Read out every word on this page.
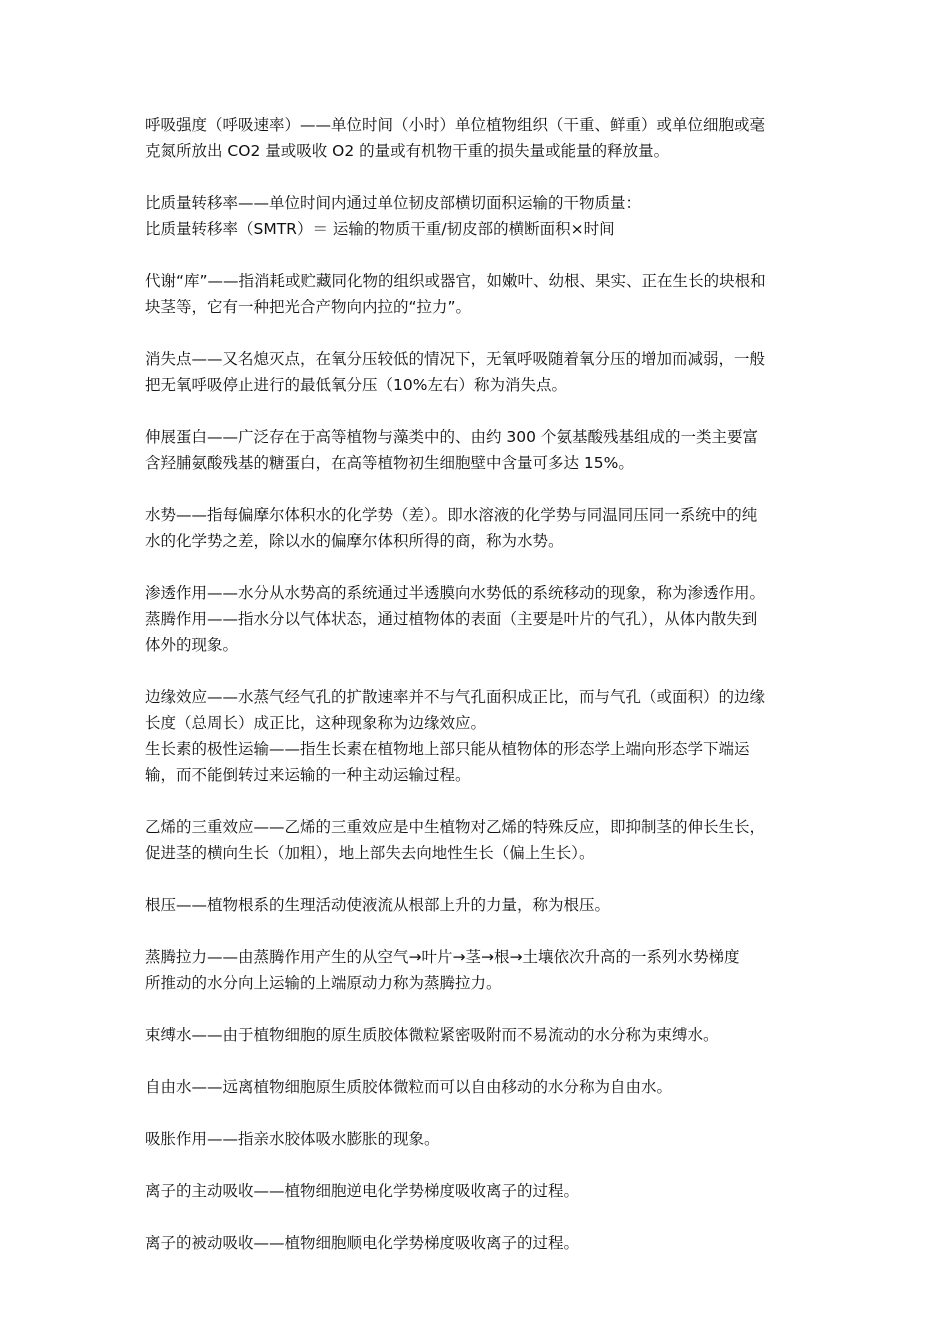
呼吸强度（呼吸速率）——单位时间（小时）单位植物组织（干重、鲜重）或单位细胞或毫
克氮所放出 CO2 量或吸收 O2 的量或有机物干重的损失量或能量的释放量。
比质量转移率——单位时间内通过单位韧皮部横切面积运输的干物质量：
比质量转移率（SMTR）＝ 运输的物质干重/韧皮部的横断面积×时间
代谢“库”——指消耗或贮藏同化物的组织或器官，如嫩叶、幼根、果实、正在生长的块根和
块茎等，它有一种把光合产物向内拉的“拉力”。
消失点——又名熄灭点，在氧分压较低的情况下，无氧呼吸随着氧分压的增加而减弱，一般
把无氧呼吸停止进行的最低氧分压（10%左右）称为消失点。
伸展蛋白——广泛存在于高等植物与藻类中的、由约 300 个氨基酸残基组成的一类主要富
含羟脯氨酸残基的糖蛋白，在高等植物初生细胞壁中含量可多达 15%。
水势——指每偏摩尔体积水的化学势（差）。即水溶液的化学势与同温同压同一系统中的纯
水的化学势之差，除以水的偏摩尔体积所得的商，称为水势。
渗透作用——水分从水势高的系统通过半透膜向水势低的系统移动的现象，称为渗透作用。
蒸腾作用——指水分以气体状态，通过植物体的表面（主要是叶片的气孔），从体内散失到
体外的现象。
边缘效应——水蒸气经气孔的扩散速率并不与气孔面积成正比，而与气孔（或面积）的边缘
长度（总周长）成正比，这种现象称为边缘效应。
生长素的极性运输——指生长素在植物地上部只能从植物体的形态学上端向形态学下端运
输，而不能倒转过来运输的一种主动运输过程。
乙烯的三重效应——乙烯的三重效应是中生植物对乙烯的特殊反应，即抑制茎的伸长生长，
促进茎的横向生长（加粗），地上部失去向地性生长（偏上生长）。
根压——植物根系的生理活动使液流从根部上升的力量，称为根压。
蒸腾拉力——由蒸腾作用产生的从空气→叶片→茎→根→土壤依次升高的一系列水势梯度
所推动的水分向上运输的上端原动力称为蒸腾拉力。
束缚水——由于植物细胞的原生质胶体微粒紧密吸附而不易流动的水分称为束缚水。
自由水——远离植物细胞原生质胶体微粒而可以自由移动的水分称为自由水。
吸胀作用——指亲水胶体吸水膨胀的现象。
离子的主动吸收——植物细胞逆电化学势梯度吸收离子的过程。
离子的被动吸收——植物细胞顺电化学势梯度吸收离子的过程。
